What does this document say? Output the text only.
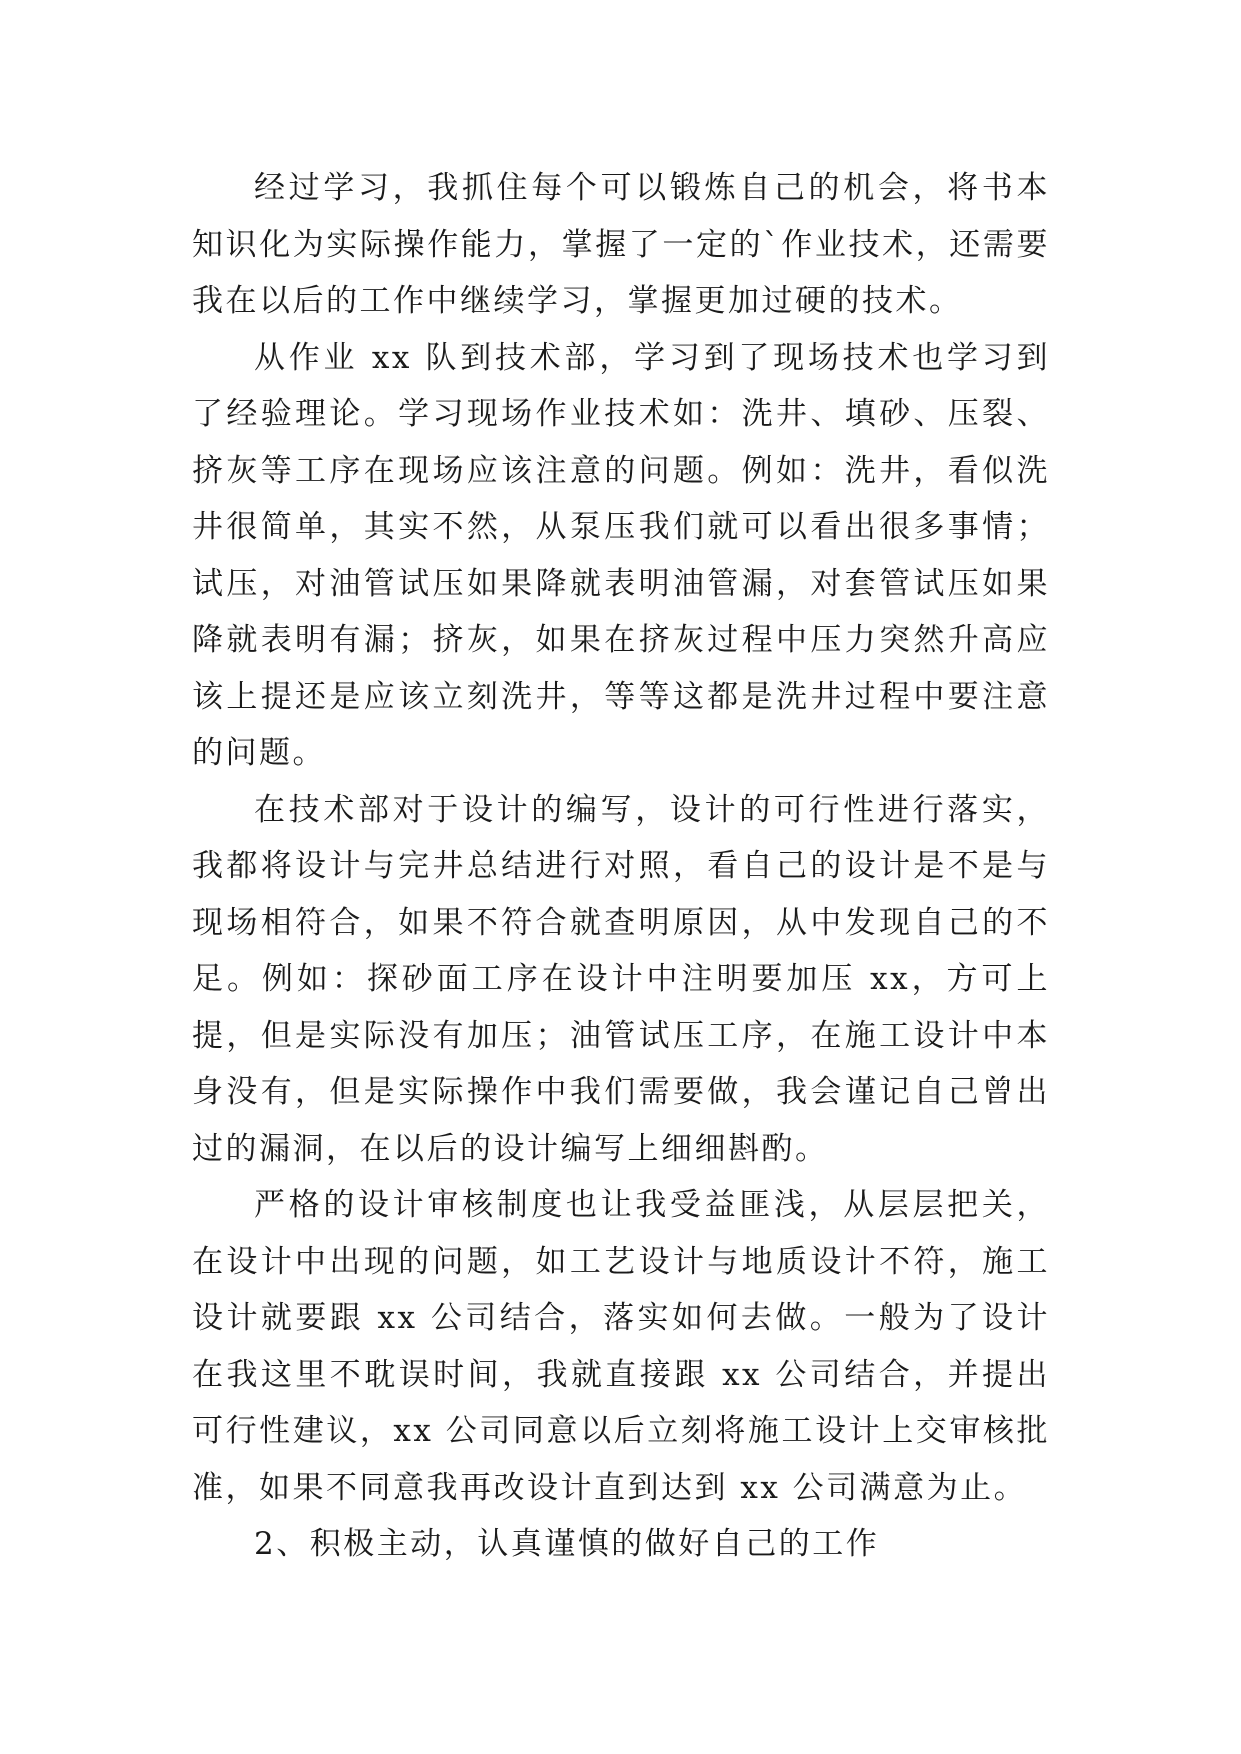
经过学习，我抓住每个可以锻炼自己的机会，将书本知识化为实际操作能力，掌握了一定的`作业技术，还需要我在以后的工作中继续学习，掌握更加过硬的技术。

从作业 xx 队到技术部，学习到了现场技术也学习到了经验理论。学习现场作业技术如：洗井、填砂、压裂、挤灰等工序在现场应该注意的问题。例如：洗井，看似洗井很简单，其实不然，从泵压我们就可以看出很多事情；试压，对油管试压如果降就表明油管漏，对套管试压如果降就表明有漏；挤灰，如果在挤灰过程中压力突然升高应该上提还是应该立刻洗井，等等这都是洗井过程中要注意的问题。

在技术部对于设计的编写，设计的可行性进行落实，我都将设计与完井总结进行对照，看自己的设计是不是与现场相符合，如果不符合就查明原因，从中发现自己的不足。例如：探砂面工序在设计中注明要加压 xx，方可上提，但是实际没有加压；油管试压工序，在施工设计中本身没有，但是实际操作中我们需要做，我会谨记自己曾出过的漏洞，在以后的设计编写上细细斟酌。

严格的设计审核制度也让我受益匪浅，从层层把关，在设计中出现的问题，如工艺设计与地质设计不符，施工设计就要跟 xx 公司结合，落实如何去做。一般为了设计在我这里不耽误时间，我就直接跟 xx 公司结合，并提出可行性建议，xx 公司同意以后立刻将施工设计上交审核批准，如果不同意我再改设计直到达到 xx 公司满意为止。

2、积极主动，认真谨慎的做好自己的工作
